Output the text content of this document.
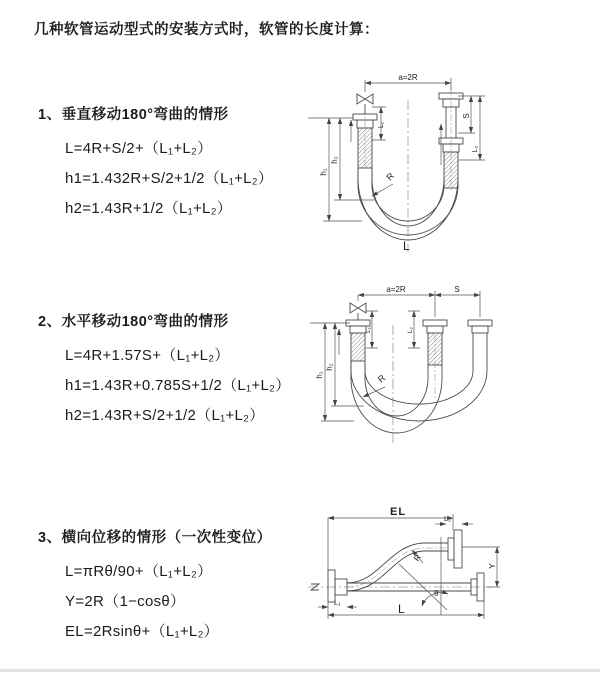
几种软管运动型式的安装方式时，软管的长度计算：
1、垂直移动180°弯曲的情形
L=4R+S/2+（L₁+L₂）
h1=1.432R+S/2+1/2（L₁+L₂）
h2=1.43R+1/2（L₁+L₂）
2、水平移动180°弯曲的情形
L=4R+1.57S+（L₁+L₂）
h1=1.43R+0.785S+1/2（L₁+L₂）
h2=1.43R+S/2+1/2（L₁+L₂）
3、横向位移的情形（一次性变位）
L=πRθ/90+（L₁+L₂）
Y=2R（1−cosθ）
EL=2Rsinθ+（L₁+L₂）
a=2R
S
L₂
L₁
h₁
h₂
R
L
a=2R	S
L₁	L₂
h₁
h₂
R
EL
L₂
Y
R
θ
L₁	L
